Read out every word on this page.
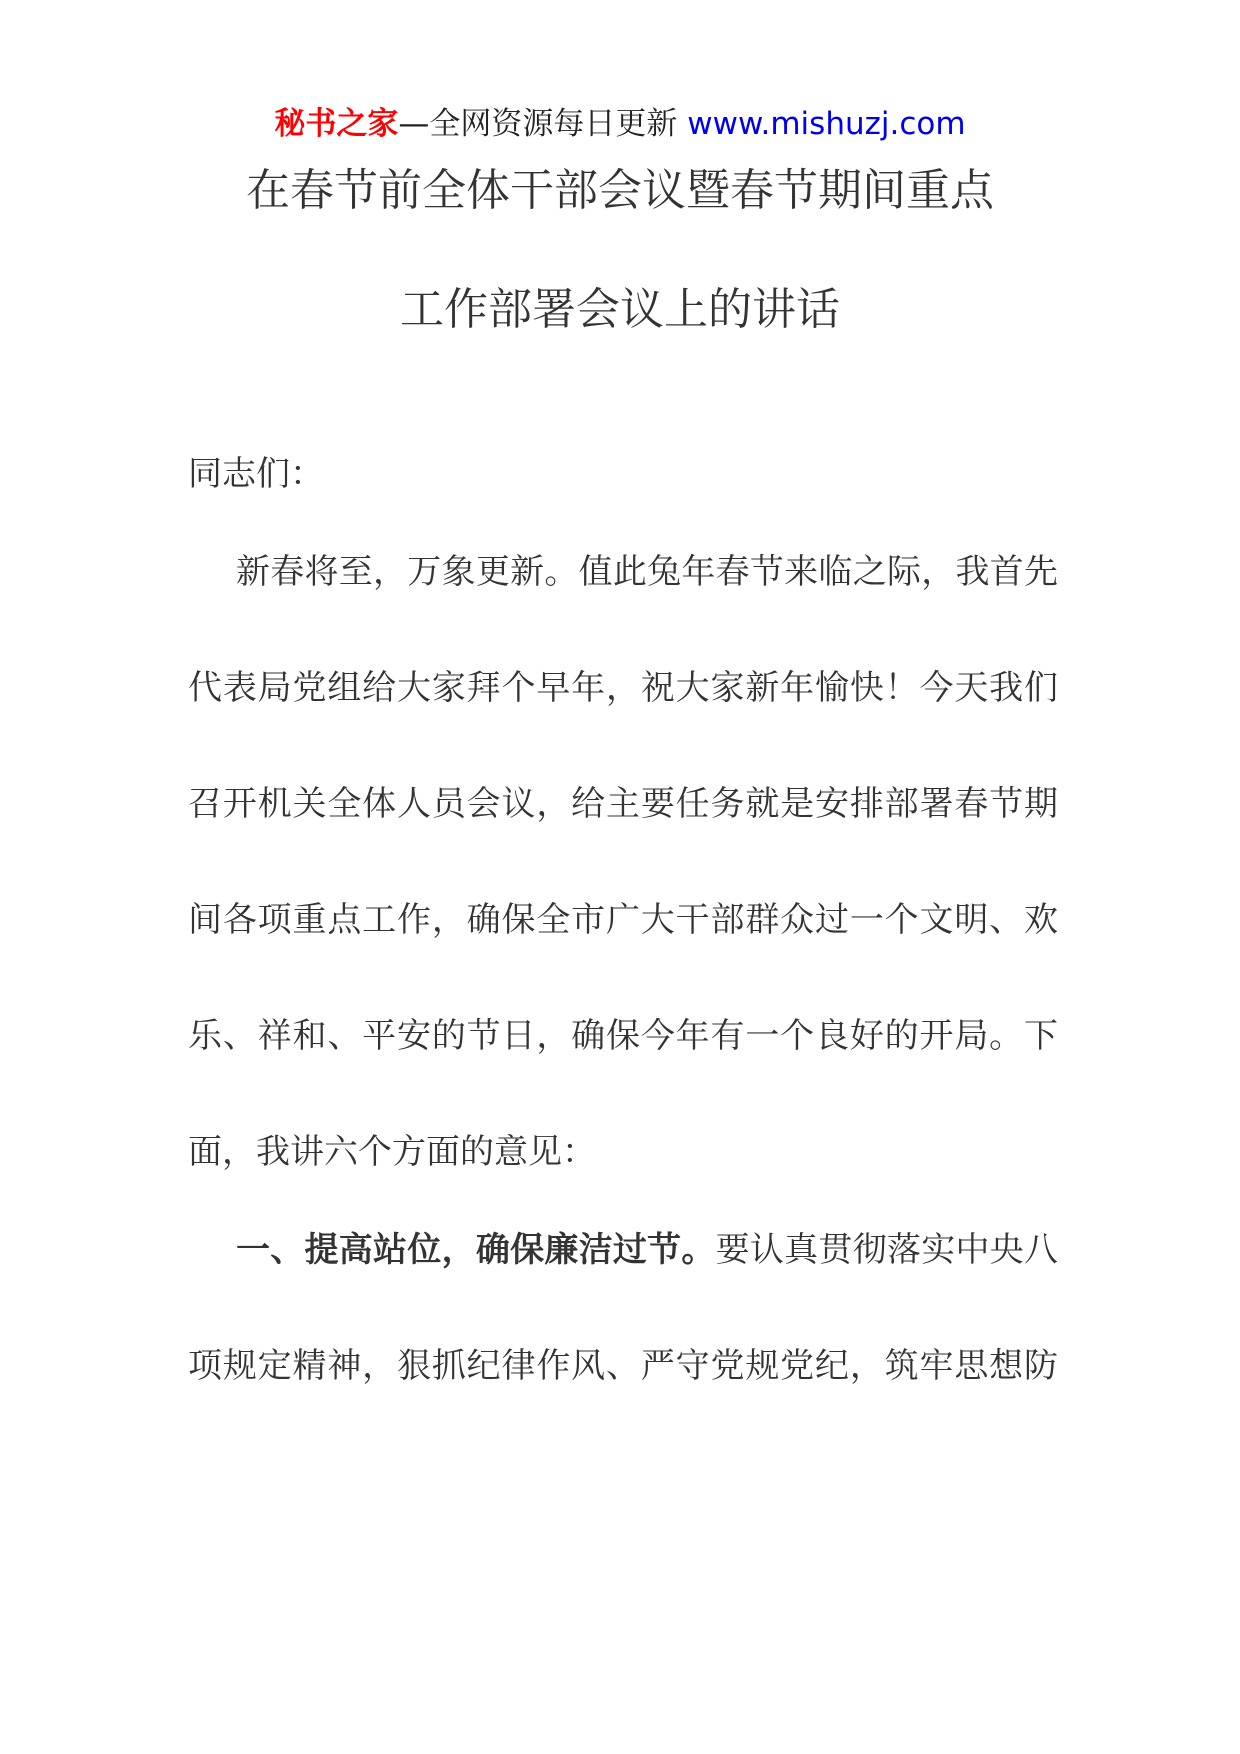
秘书之家—全网资源每日更新 www.mishuzj.com
在春节前全体干部会议暨春节期间重点
工作部署会议上的讲话
同志们：
新春将至，万象更新。值此兔年春节来临之际，我首先
代表局党组给大家拜个早年，祝大家新年愉快！今天我们
召开机关全体人员会议，给主要任务就是安排部署春节期
间各项重点工作，确保全市广大干部群众过一个文明、欢
乐、祥和、平安的节日，确保今年有一个良好的开局。下
面，我讲六个方面的意见：
一、提高站位，确保廉洁过节。要认真贯彻落实中央八
项规定精神，狠抓纪律作风、严守党规党纪，筑牢思想防
